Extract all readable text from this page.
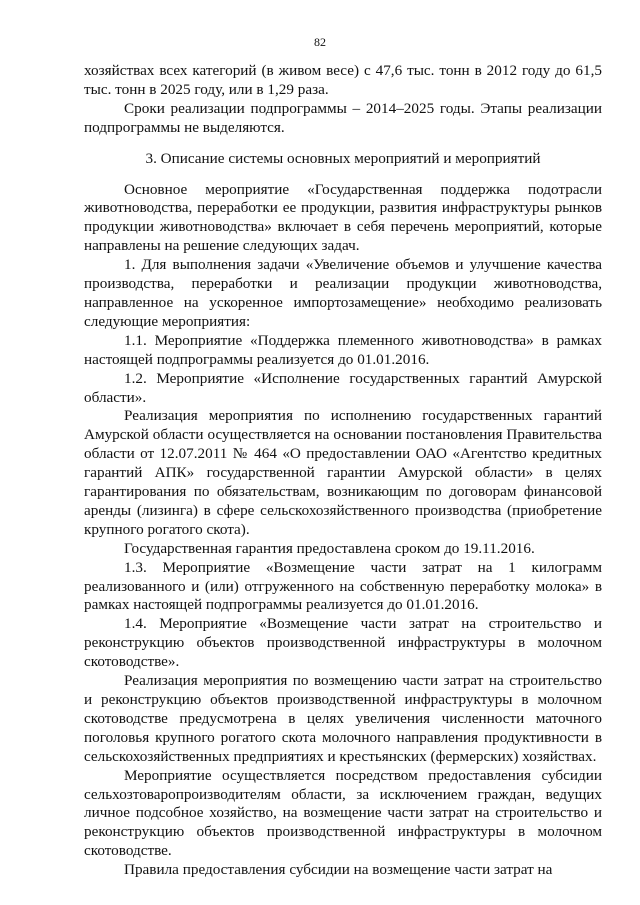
82

хозяйствах всех категорий (в живом весе) с 47,6 тыс. тонн в 2012 году до 61,5 тыс. тонн в 2025 году, или в 1,29 раза.

Сроки реализации подпрограммы – 2014–2025 годы. Этапы реализации подпрограммы не выделяются.

3. Описание системы основных мероприятий и мероприятий

Основное мероприятие «Государственная поддержка подотрасли животноводства, переработки ее продукции, развития инфраструктуры рынков продукции животноводства» включает в себя перечень мероприятий, которые направлены на решение следующих задач.

1. Для выполнения задачи «Увеличение объемов и улучшение качества производства, переработки и реализации продукции животноводства, направленное на ускоренное импортозамещение» необходимо реализовать следующие мероприятия:

1.1. Мероприятие «Поддержка племенного животноводства» в рамках настоящей подпрограммы реализуется до 01.01.2016.

1.2. Мероприятие «Исполнение государственных гарантий Амурской области».

Реализация мероприятия по исполнению государственных гарантий Амурской области осуществляется на основании постановления Правительства области от 12.07.2011 № 464 «О предоставлении ОАО «Агентство кредитных гарантий АПК» государственной гарантии Амурской области» в целях гарантирования по обязательствам, возникающим по договорам финансовой аренды (лизинга) в сфере сельскохозяйственного производства (приобретение крупного рогатого скота).

Государственная гарантия предоставлена сроком до 19.11.2016.

1.3. Мероприятие «Возмещение части затрат на 1 килограмм реализованного и (или) отгруженного на собственную переработку молока» в рамках настоящей подпрограммы реализуется до 01.01.2016.

1.4. Мероприятие «Возмещение части затрат на строительство и реконструкцию объектов производственной инфраструктуры в молочном скотоводстве».

Реализация мероприятия по возмещению части затрат на строительство и реконструкцию объектов производственной инфраструктуры в молочном скотоводстве предусмотрена в целях увеличения численности маточного поголовья крупного рогатого скота молочного направления продуктивности в сельскохозяйственных предприятиях и крестьянских (фермерских) хозяйствах.

Мероприятие осуществляется посредством предоставления субсидии сельхозтоваропроизводителям области, за исключением граждан, ведущих личное подсобное хозяйство, на возмещение части затрат на строительство и реконструкцию объектов производственной инфраструктуры в молочном скотоводстве.

Правила предоставления субсидии на возмещение части затрат на
